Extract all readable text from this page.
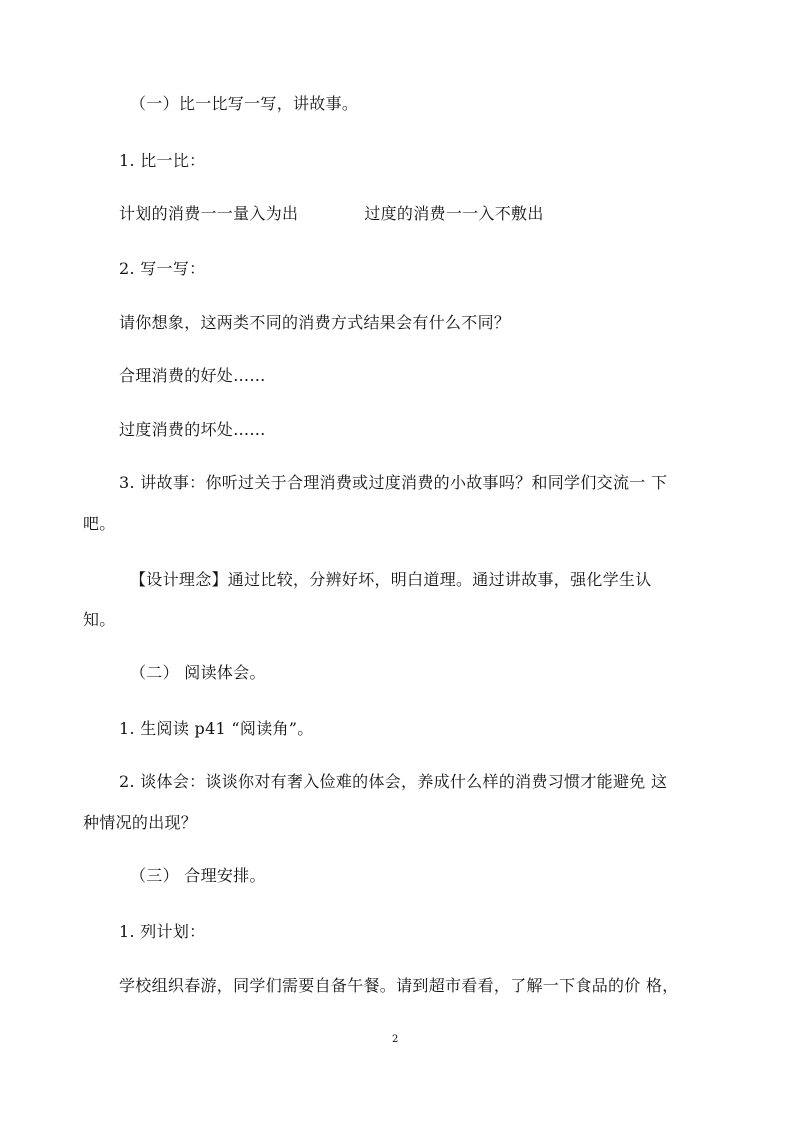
（一）比一比写一写，讲故事。
1. 比一比：
计划的消费一一量入为出	过度的消费一一入不敷出
2. 写一写：
请你想象，这两类不同的消费方式结果会有什么不同？
合理消费的好处……
过度消费的坏处……
3. 讲故事：你听过关于合理消费或过度消费的小故事吗？和同学们交流一 下
吧。
【设计理念】通过比较，分辨好坏，明白道理。通过讲故事，强化学生认
知。
（二） 阅读体会。
1. 生阅读 p41 “阅读角”。
2. 谈体会：谈谈你对有奢入俭难的体会，养成什么样的消费习惯才能避免 这
种情况的出现？
（三） 合理安排。
1. 列计划：
学校组织春游，同学们需要自备午餐。请到超市看看，了解一下食品的价 格，
2
